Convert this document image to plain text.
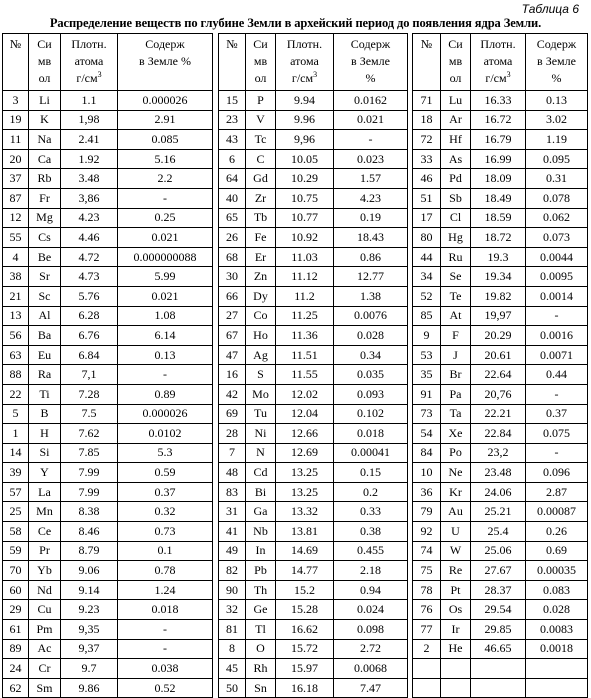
Таблица 6
Распределение веществ по глубине Земли в архейский период до появления ядра Земли.
№	Си
мв
ол	Плотн.
атома
$г/см^3$	Содерж
в Земле %

3	Li	1.1	0.000026
19	K	1,98	2.91
11	Na	2.41	0.085
20	Ca	1.92	5.16
37	Rb	3.48	2.2
87	Fr	3,86	-
12	Mg	4.23	0.25
55	Cs	4.46	0.021
4	Be	4.72	0.000000088
38	Sr	4.73	5.99
21	Sc	5.76	0.021
13	Al	6.28	1.08
56	Ba	6.76	6.14
63	Eu	6.84	0.13
88	Ra	7,1	-
22	Ti	7.28	0.89
5	B	7.5	0.000026
1	H	7.62	0.0102
14	Si	7.85	5.3
39	Y	7.99	0.59
57	La	7.99	0.37
25	Mn	8.38	0.32
58	Ce	8.46	0.73
59	Pr	8.79	0.1
70	Yb	9.06	0.78
60	Nd	9.14	1.24
29	Cu	9.23	0.018
61	Pm	9,35	-
89	Ac	9,37	-
24	Cr	9.7	0.038
62	Sm	9.86	0.52
№	Си
мв
ол	Плотн.
атома
$г/см^3$	Содерж
в Земле
%

15	P	9.94	0.0162
23	V	9.96	0.021
43	Tc	9,96	-
6	C	10.05	0.023
64	Gd	10.29	1.57
40	Zr	10.75	4.23
65	Tb	10.77	0.19
26	Fe	10.92	18.43
68	Er	11.03	0.86
30	Zn	11.12	12.77
66	Dy	11.2	1.38
27	Co	11.25	0.0076
67	Ho	11.36	0.028
47	Ag	11.51	0.34
16	S	11.55	0.035
42	Mo	12.02	0.093
69	Tu	12.04	0.102
28	Ni	12.66	0.018
7	N	12.69	0.00041
48	Cd	13.25	0.15
83	Bi	13.25	0.2
31	Ga	13.32	0.33
41	Nb	13.81	0.38
49	In	14.69	0.455
82	Pb	14.77	2.18
90	Th	15.2	0.94
32	Ge	15.28	0.024
81	Tl	16.62	0.098
8	O	15.72	2.72
45	Rh	15.97	0.0068
50	Sn	16.18	7.47
№	Си
мв
ол	Плотн.
атома
$г/см^3$	Содерж
в Земле
%

71	Lu	16.33	0.13
18	Ar	16.72	3.02
72	Hf	16.79	1.19
33	As	16.99	0.095
46	Pd	18.09	0.31
51	Sb	18.49	0.078
17	Cl	18.59	0.062
80	Hg	18.72	0.073
44	Ru	19.3	0.0044
34	Se	19.34	0.0095
52	Te	19.82	0.0014
85	At	19,97	-
9	F	20.29	0.0016
53	J	20.61	0.0071
35	Br	22.64	0.44
91	Pa	20,76	-
73	Ta	22.21	0.37
54	Xe	22.84	0.075
84	Po	23,2	-
10	Ne	23.48	0.096
36	Kr	24.06	2.87
79	Au	25.21	0.00087
92	U	25.4	0.26
74	W	25.06	0.69
75	Re	27.67	0.00035
78	Pt	28.37	0.083
76	Os	29.54	0.028
77	Ir	29.85	0.0083
2	He	46.65	0.0018
